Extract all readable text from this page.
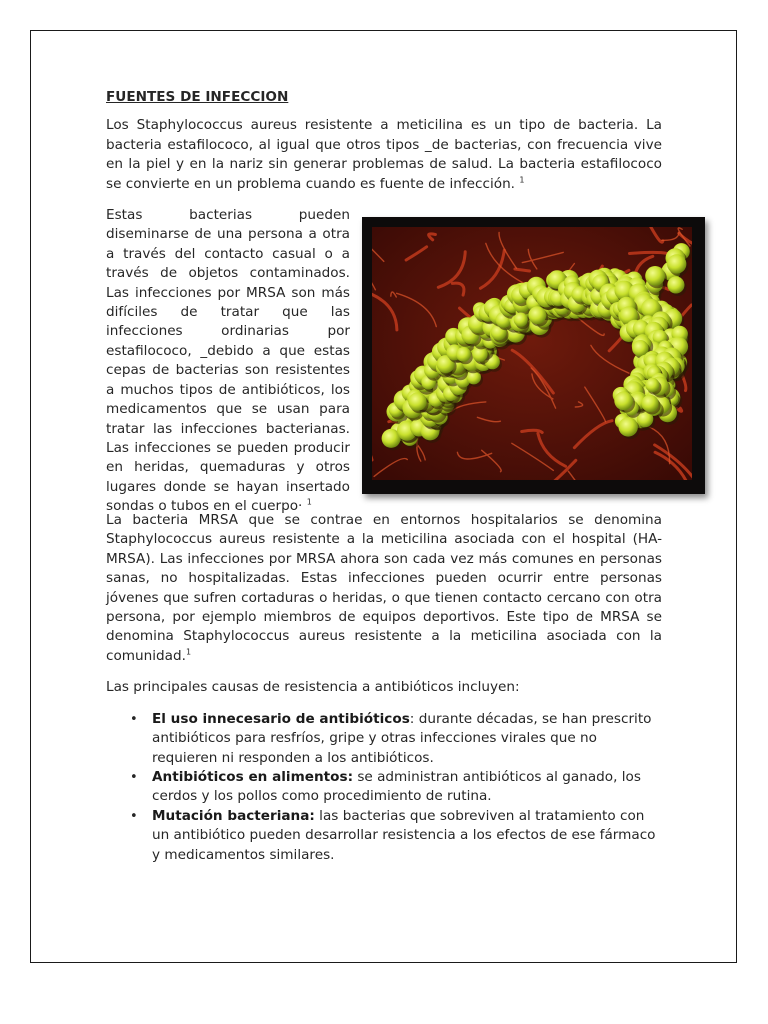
FUENTES DE INFECCION

Los Staphylococcus aureus resistente a meticilina es un tipo de bacteria. La bacteria estafilococo, al igual que otros tipos _de bacterias, con frecuencia vive en la piel y en la nariz sin generar problemas de salud. La bacteria estafilococo se convierte en un problema cuando es fuente de infección. $^1$

Estas bacterias pueden diseminarse de una persona a otra a través del contacto casual o a través de objetos contaminados. Las infecciones por MRSA son más difíciles de tratar que las infecciones ordinarias por estafilococo, _debido a que estas cepas de bacterias son resistentes a muchos tipos de antibióticos, los medicamentos que se usan para tratar las infecciones bacterianas. Las infecciones se pueden producir en heridas, quemaduras y otros lugares donde se hayan insertado sondas o tubos en el cuerpo· $^1$

La bacteria MRSA que se contrae en entornos hospitalarios se denomina Staphylococcus aureus resistente a la meticilina asociada con el hospital (HA-MRSA). Las infecciones por MRSA ahora son cada vez más comunes en personas sanas, no hospitalizadas. Estas infecciones pueden ocurrir entre personas jóvenes que sufren cortaduras o heridas, o que tienen contacto cercano con otra persona, por ejemplo miembros de equipos deportivos. Este tipo de MRSA se denomina Staphylococcus aureus resistente a la meticilina asociada con la comunidad.$^1$

Las principales causas de resistencia a antibióticos incluyen:

• El uso innecesario de antibióticos: durante décadas, se han prescrito antibióticos para resfríos, gripe y otras infecciones virales que no requieren ni responden a los antibióticos.
• Antibióticos en alimentos: se administran antibióticos al ganado, los cerdos y los pollos como procedimiento de rutina.
• Mutación bacteriana: las bacterias que sobreviven al tratamiento con un antibiótico pueden desarrollar resistencia a los efectos de ese fármaco y medicamentos similares.
